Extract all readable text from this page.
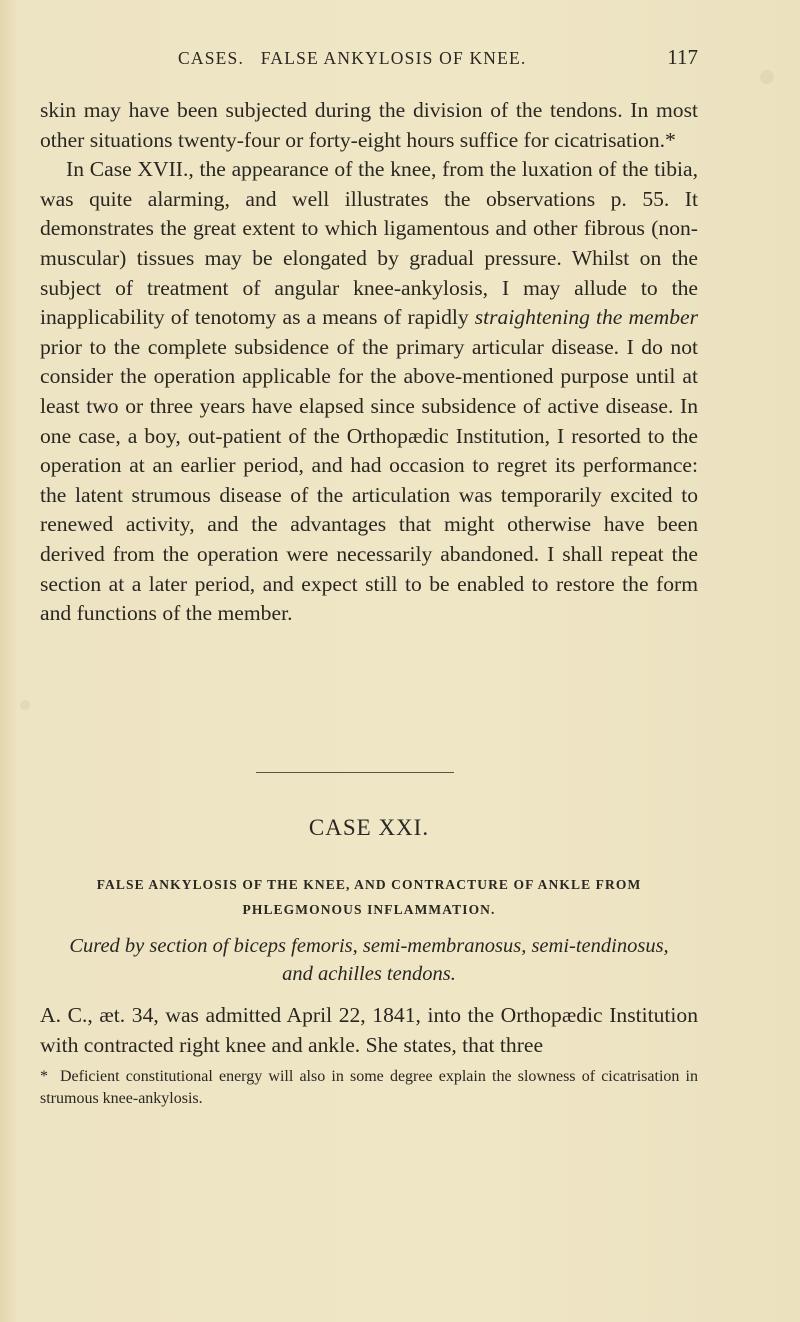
CASES.   FALSE ANKYLOSIS OF KNEE.	117

skin may have been subjected during the division of the tendons. In most other situations twenty-four or forty-eight hours suffice for cicatrisation.*

In Case XVII., the appearance of the knee, from the luxation of the tibia, was quite alarming, and well illustrates the observations p. 55. It demonstrates the great extent to which ligamentous and other fibrous (non-muscular) tissues may be elongated by gradual pressure. Whilst on the subject of treatment of angular knee-ankylosis, I may allude to the inapplicability of tenotomy as a means of rapidly straightening the member prior to the complete subsidence of the primary articular disease. I do not consider the operation applicable for the above-mentioned purpose until at least two or three years have elapsed since subsidence of active disease. In one case, a boy, out-patient of the Orthopædic Institution, I resorted to the operation at an earlier period, and had occasion to regret its performance: the latent strumous disease of the articulation was temporarily excited to renewed activity, and the advantages that might otherwise have been derived from the operation were necessarily abandoned. I shall repeat the section at a later period, and expect still to be enabled to restore the form and functions of the member.

CASE XXI.
FALSE ANKYLOSIS OF THE KNEE, AND CONTRACTURE OF ANKLE FROM
PHLEGMONOUS INFLAMMATION.
Cured by section of biceps femoris, semi-membranosus, semi-tendinosus,
and achilles tendons.
A. C., æt. 34, was admitted April 22, 1841, into the Orthopædic Institution with contracted right knee and ankle. She states, that three
* Deficient constitutional energy will also in some degree explain the slowness of cicatrisation in strumous knee-ankylosis.
